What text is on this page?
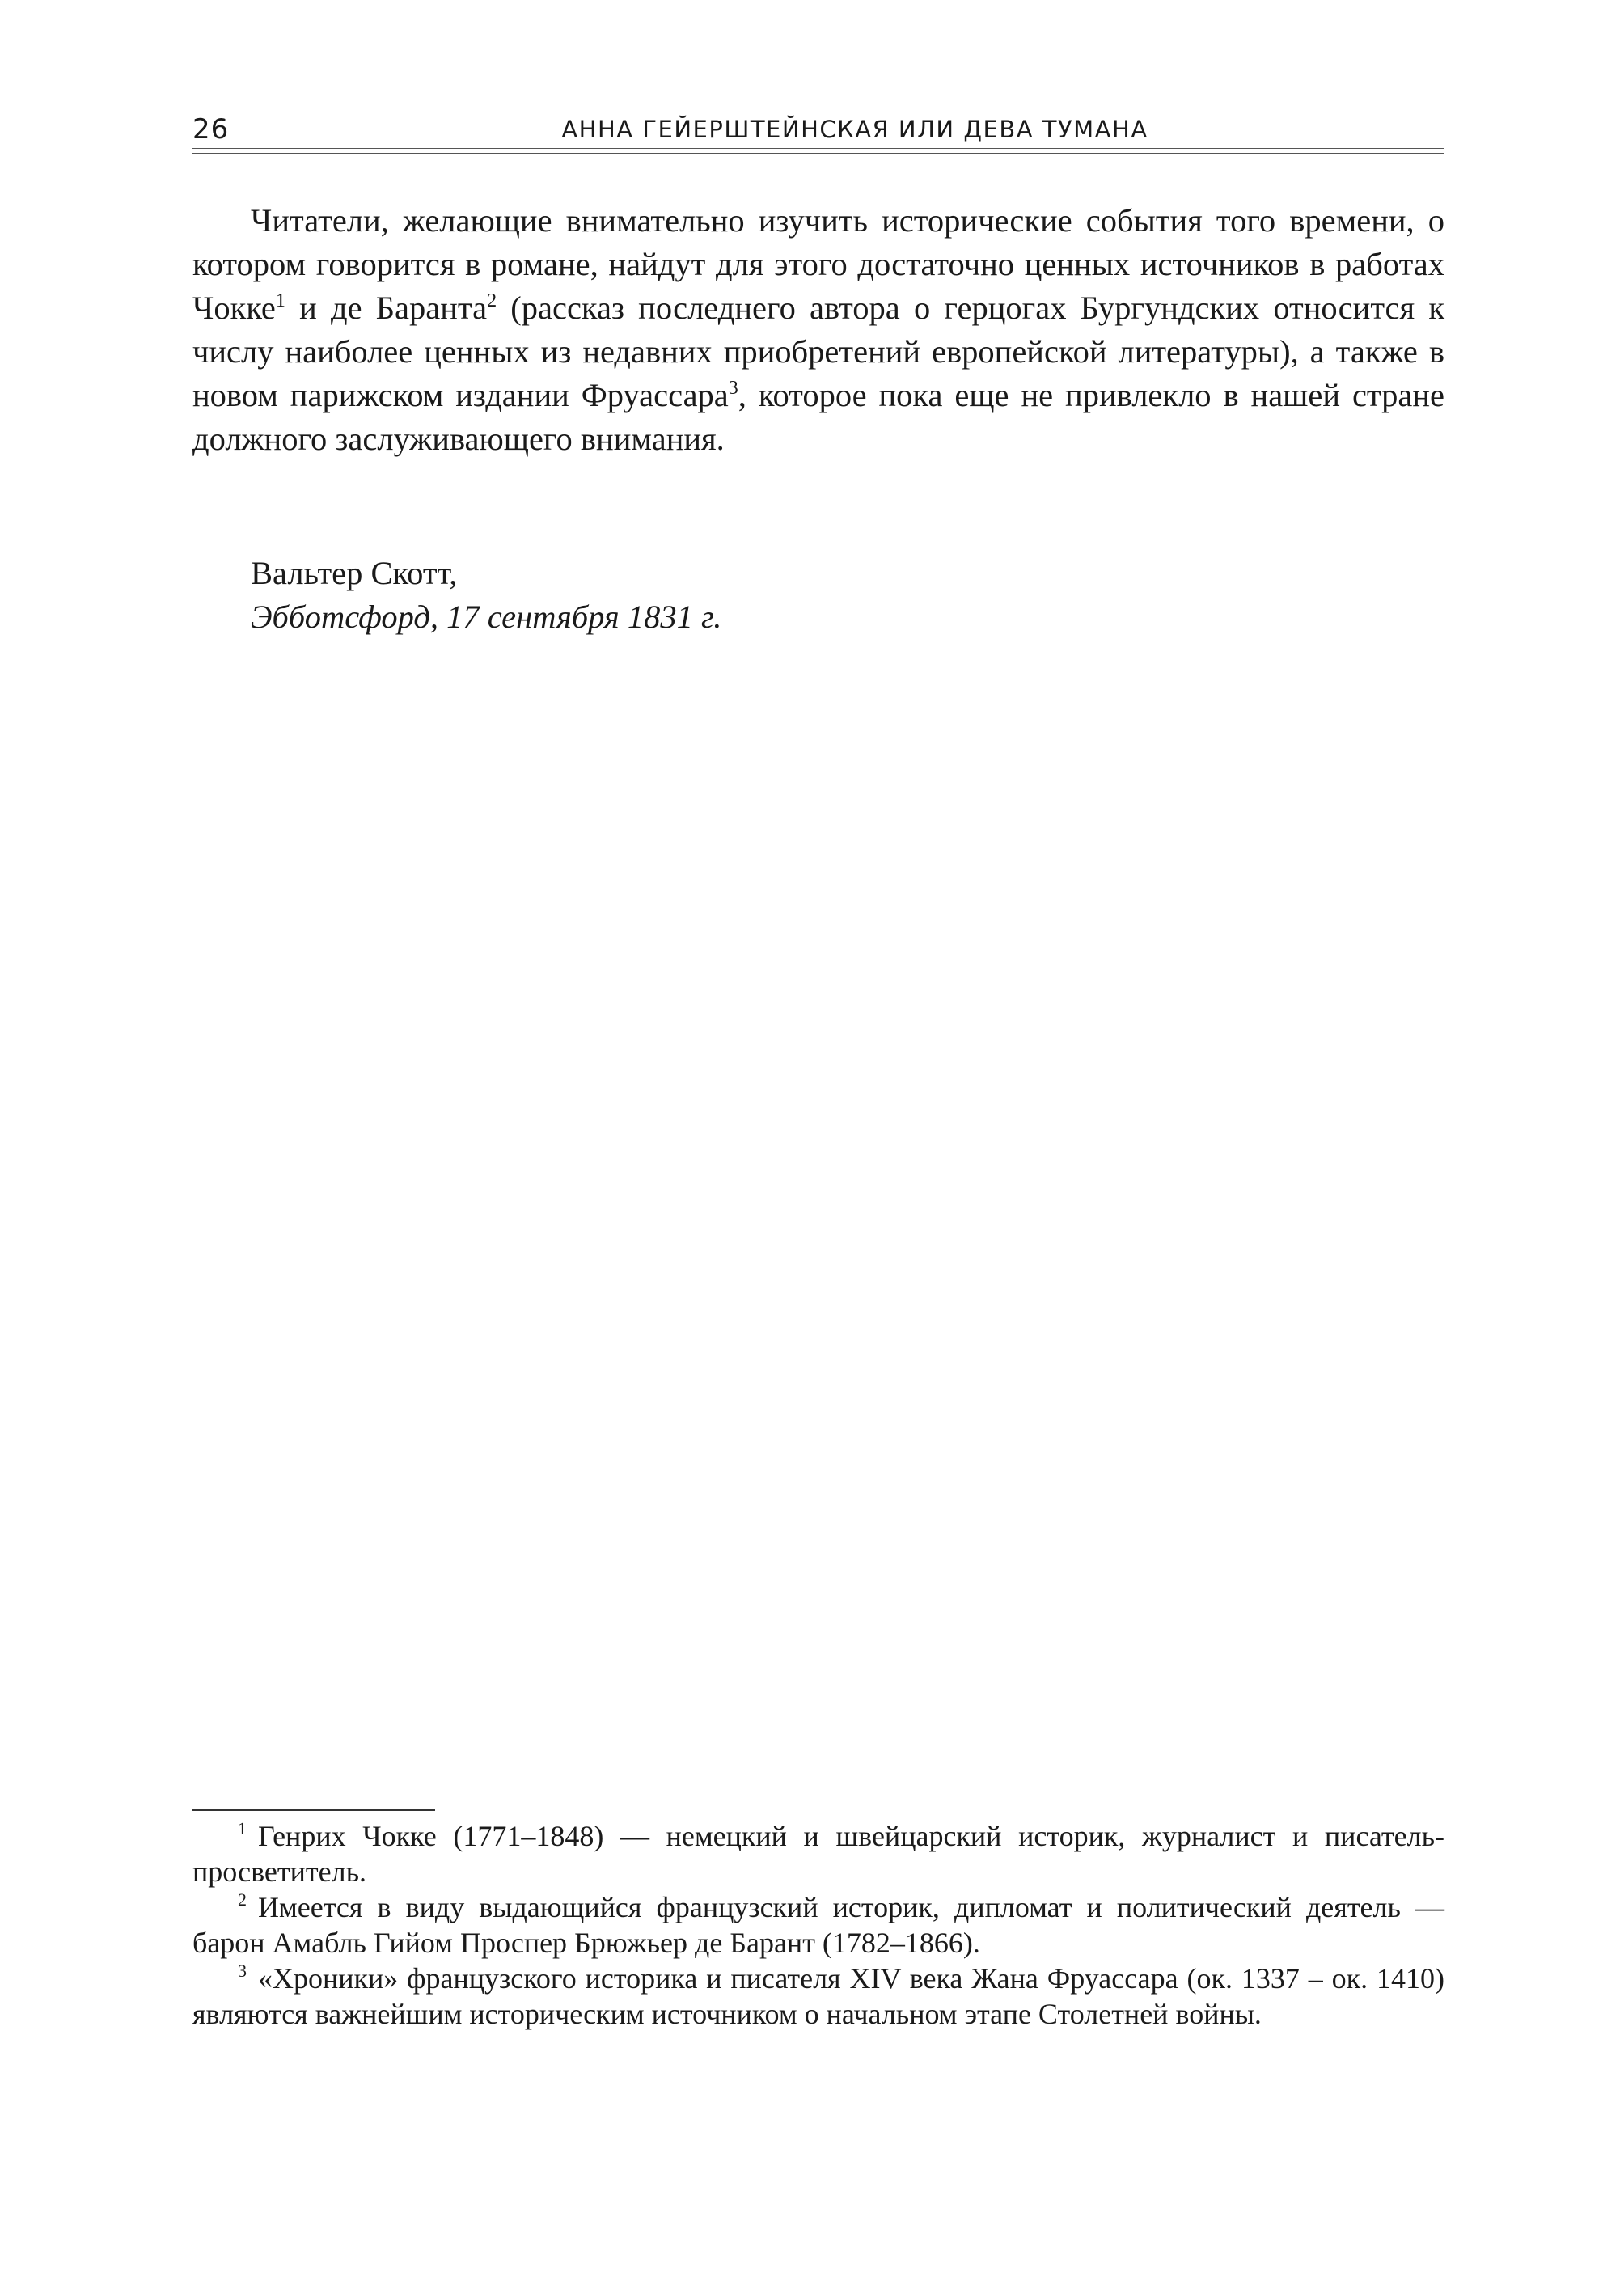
26	АННА ГЕЙЕРШТЕЙНСКАЯ ИЛИ ДЕВА ТУМАНА

Читатели, желающие внимательно изучить исторические события того времени, о котором говорится в романе, найдут для этого достаточно ценных источников в работах Чокке$^1$ и де Баранта$^2$ (рассказ последнего автора о герцогах Бургундских относится к числу наиболее ценных из недавних приобретений европейской литературы), а также в новом парижском издании Фруассара$^3$, которое пока еще не привлекло в нашей стране должного заслуживающего внимания.

Вальтер Скотт,
Эбботсфорд, 17 сентября 1831 г.

$^1$ Генрих Чокке (1771–1848) — немецкий и швейцарский историк, журналист и писатель-просветитель.

$^2$ Имеется в виду выдающийся французский историк, дипломат и политический деятель — барон Амабль Гийом Проспер Брюжьер де Барант (1782–1866).

$^3$ «Хроники» французского историка и писателя XIV века Жана Фруассара (ок. 1337 – ок. 1410) являются важнейшим историческим источником о начальном этапе Столетней войны.
